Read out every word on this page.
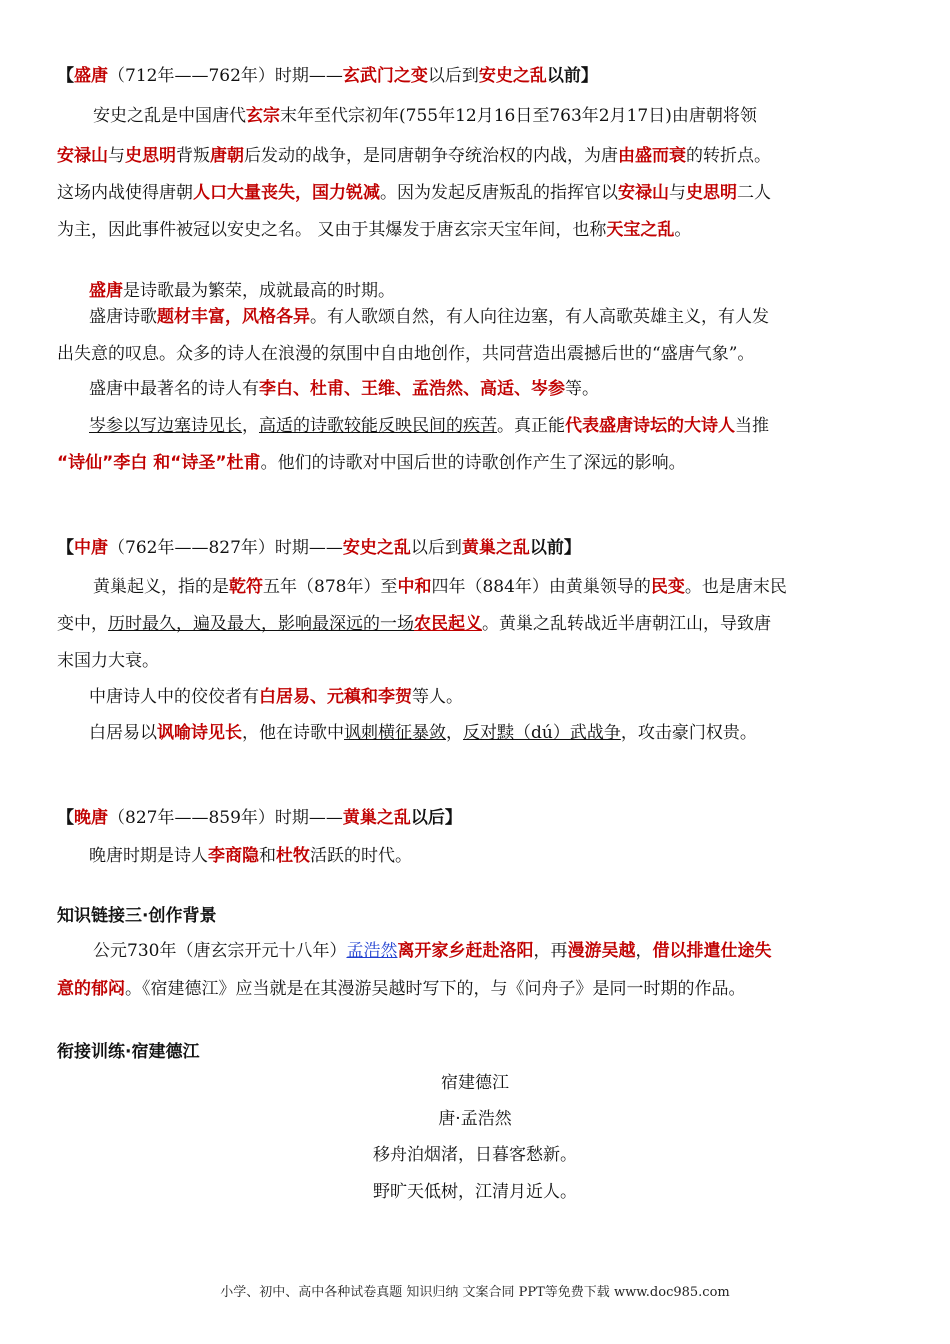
【盛唐（712年——762年）时期——玄武门之变以后到安史之乱以前】
安史之乱是中国唐代玄宗末年至代宗初年(755年12月16日至763年2月17日)由唐朝将领
安禄山与史思明背叛唐朝后发动的战争，是同唐朝争夺统治权的内战，为唐由盛而衰的转折点。
这场内战使得唐朝人口大量丧失，国力锐减。因为发起反唐叛乱的指挥官以安禄山与史思明二人
为主，因此事件被冠以安史之名。 又由于其爆发于唐玄宗天宝年间，也称天宝之乱。
盛唐是诗歌最为繁荣，成就最高的时期。
盛唐诗歌题材丰富，风格各异。有人歌颂自然，有人向往边塞，有人高歌英雄主义，有人发
出失意的叹息。众多的诗人在浪漫的氛围中自由地创作，共同营造出震撼后世的“盛唐气象”。
盛唐中最著名的诗人有李白、杜甫、王维、孟浩然、高适、岑参等。
岑参以写边塞诗见长，高适的诗歌较能反映民间的疾苦。真正能代表盛唐诗坛的大诗人当推
“诗仙”李白 和“诗圣”杜甫。他们的诗歌对中国后世的诗歌创作产生了深远的影响。
【中唐（762年——827年）时期——安史之乱以后到黄巢之乱以前】
黄巢起义，指的是乾符五年（878年）至中和四年（884年）由黄巢领导的民变。也是唐末民
变中，历时最久，遍及最大，影响最深远的一场农民起义。黄巢之乱转战近半唐朝江山，导致唐
末国力大衰。
中唐诗人中的佼佼者有白居易、元稹和李贺等人。
白居易以讽喻诗见长，他在诗歌中讽刺横征暴敛，反对黩（dú）武战争，攻击豪门权贵。
【晚唐（827年——859年）时期——黄巢之乱以后】
晚唐时期是诗人李商隐和杜牧活跃的时代。
知识链接三·创作背景
公元730年（唐玄宗开元十八年）孟浩然离开家乡赶赴洛阳，再漫游吴越，借以排遣仕途失
意的郁闷。《宿建德江》应当就是在其漫游吴越时写下的，与《问舟子》是同一时期的作品。
衔接训练·宿建德江
宿建德江
唐·孟浩然
移舟泊烟渚，日暮客愁新。
野旷天低树，江清月近人。
小学、初中、高中各种试卷真题 知识归纳 文案合同 PPT等免费下载 www.doc985.com
